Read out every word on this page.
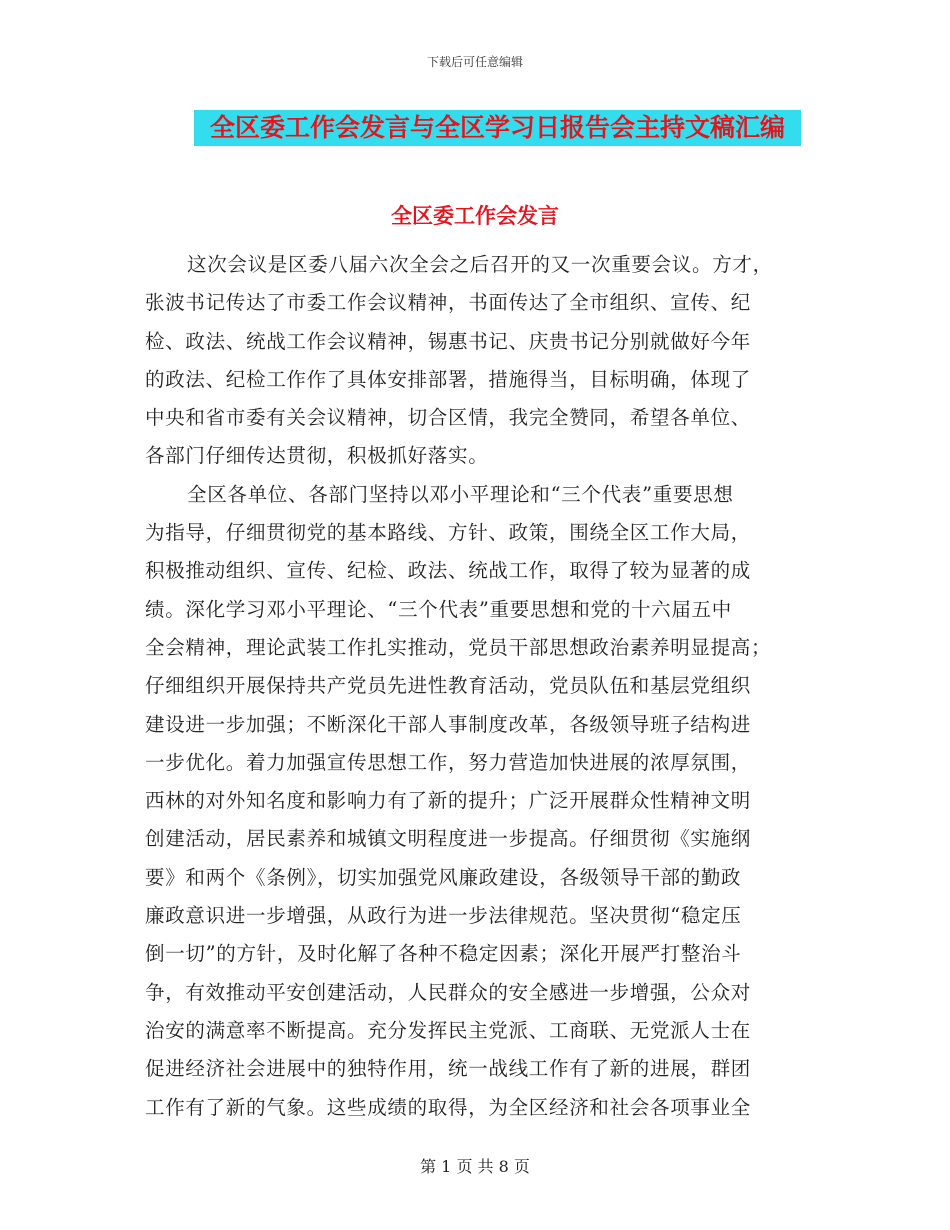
下载后可任意编辑
全区委工作会发言与全区学习日报告会主持文稿汇编
全区委工作会发言
这次会议是区委八届六次全会之后召开的又一次重要会议。方才，
张波书记传达了市委工作会议精神，书面传达了全市组织、宣传、纪
检、政法、统战工作会议精神，锡惠书记、庆贵书记分别就做好今年
的政法、纪检工作作了具体安排部署，措施得当，目标明确，体现了
中央和省市委有关会议精神，切合区情，我完全赞同，希望各单位、
各部门仔细传达贯彻，积极抓好落实。
全区各单位、各部门坚持以邓小平理论和“三个代表”重要思想
为指导，仔细贯彻党的基本路线、方针、政策，围绕全区工作大局，
积极推动组织、宣传、纪检、政法、统战工作，取得了较为显著的成
绩。深化学习邓小平理论、“三个代表”重要思想和党的十六届五中
全会精神，理论武装工作扎实推动，党员干部思想政治素养明显提高；
仔细组织开展保持共产党员先进性教育活动，党员队伍和基层党组织
建设进一步加强；不断深化干部人事制度改革，各级领导班子结构进
一步优化。着力加强宣传思想工作，努力营造加快进展的浓厚氛围，
西林的对外知名度和影响力有了新的提升；广泛开展群众性精神文明
创建活动，居民素养和城镇文明程度进一步提高。仔细贯彻《实施纲
要》和两个《条例》，切实加强党风廉政建设，各级领导干部的勤政
廉政意识进一步增强，从政行为进一步法律规范。坚决贯彻“稳定压
倒一切”的方针，及时化解了各种不稳定因素；深化开展严打整治斗
争，有效推动平安创建活动，人民群众的安全感进一步增强，公众对
治安的满意率不断提高。充分发挥民主党派、工商联、无党派人士在
促进经济社会进展中的独特作用，统一战线工作有了新的进展，群团
工作有了新的气象。这些成绩的取得，为全区经济和社会各项事业全
第 1 页 共 8 页
